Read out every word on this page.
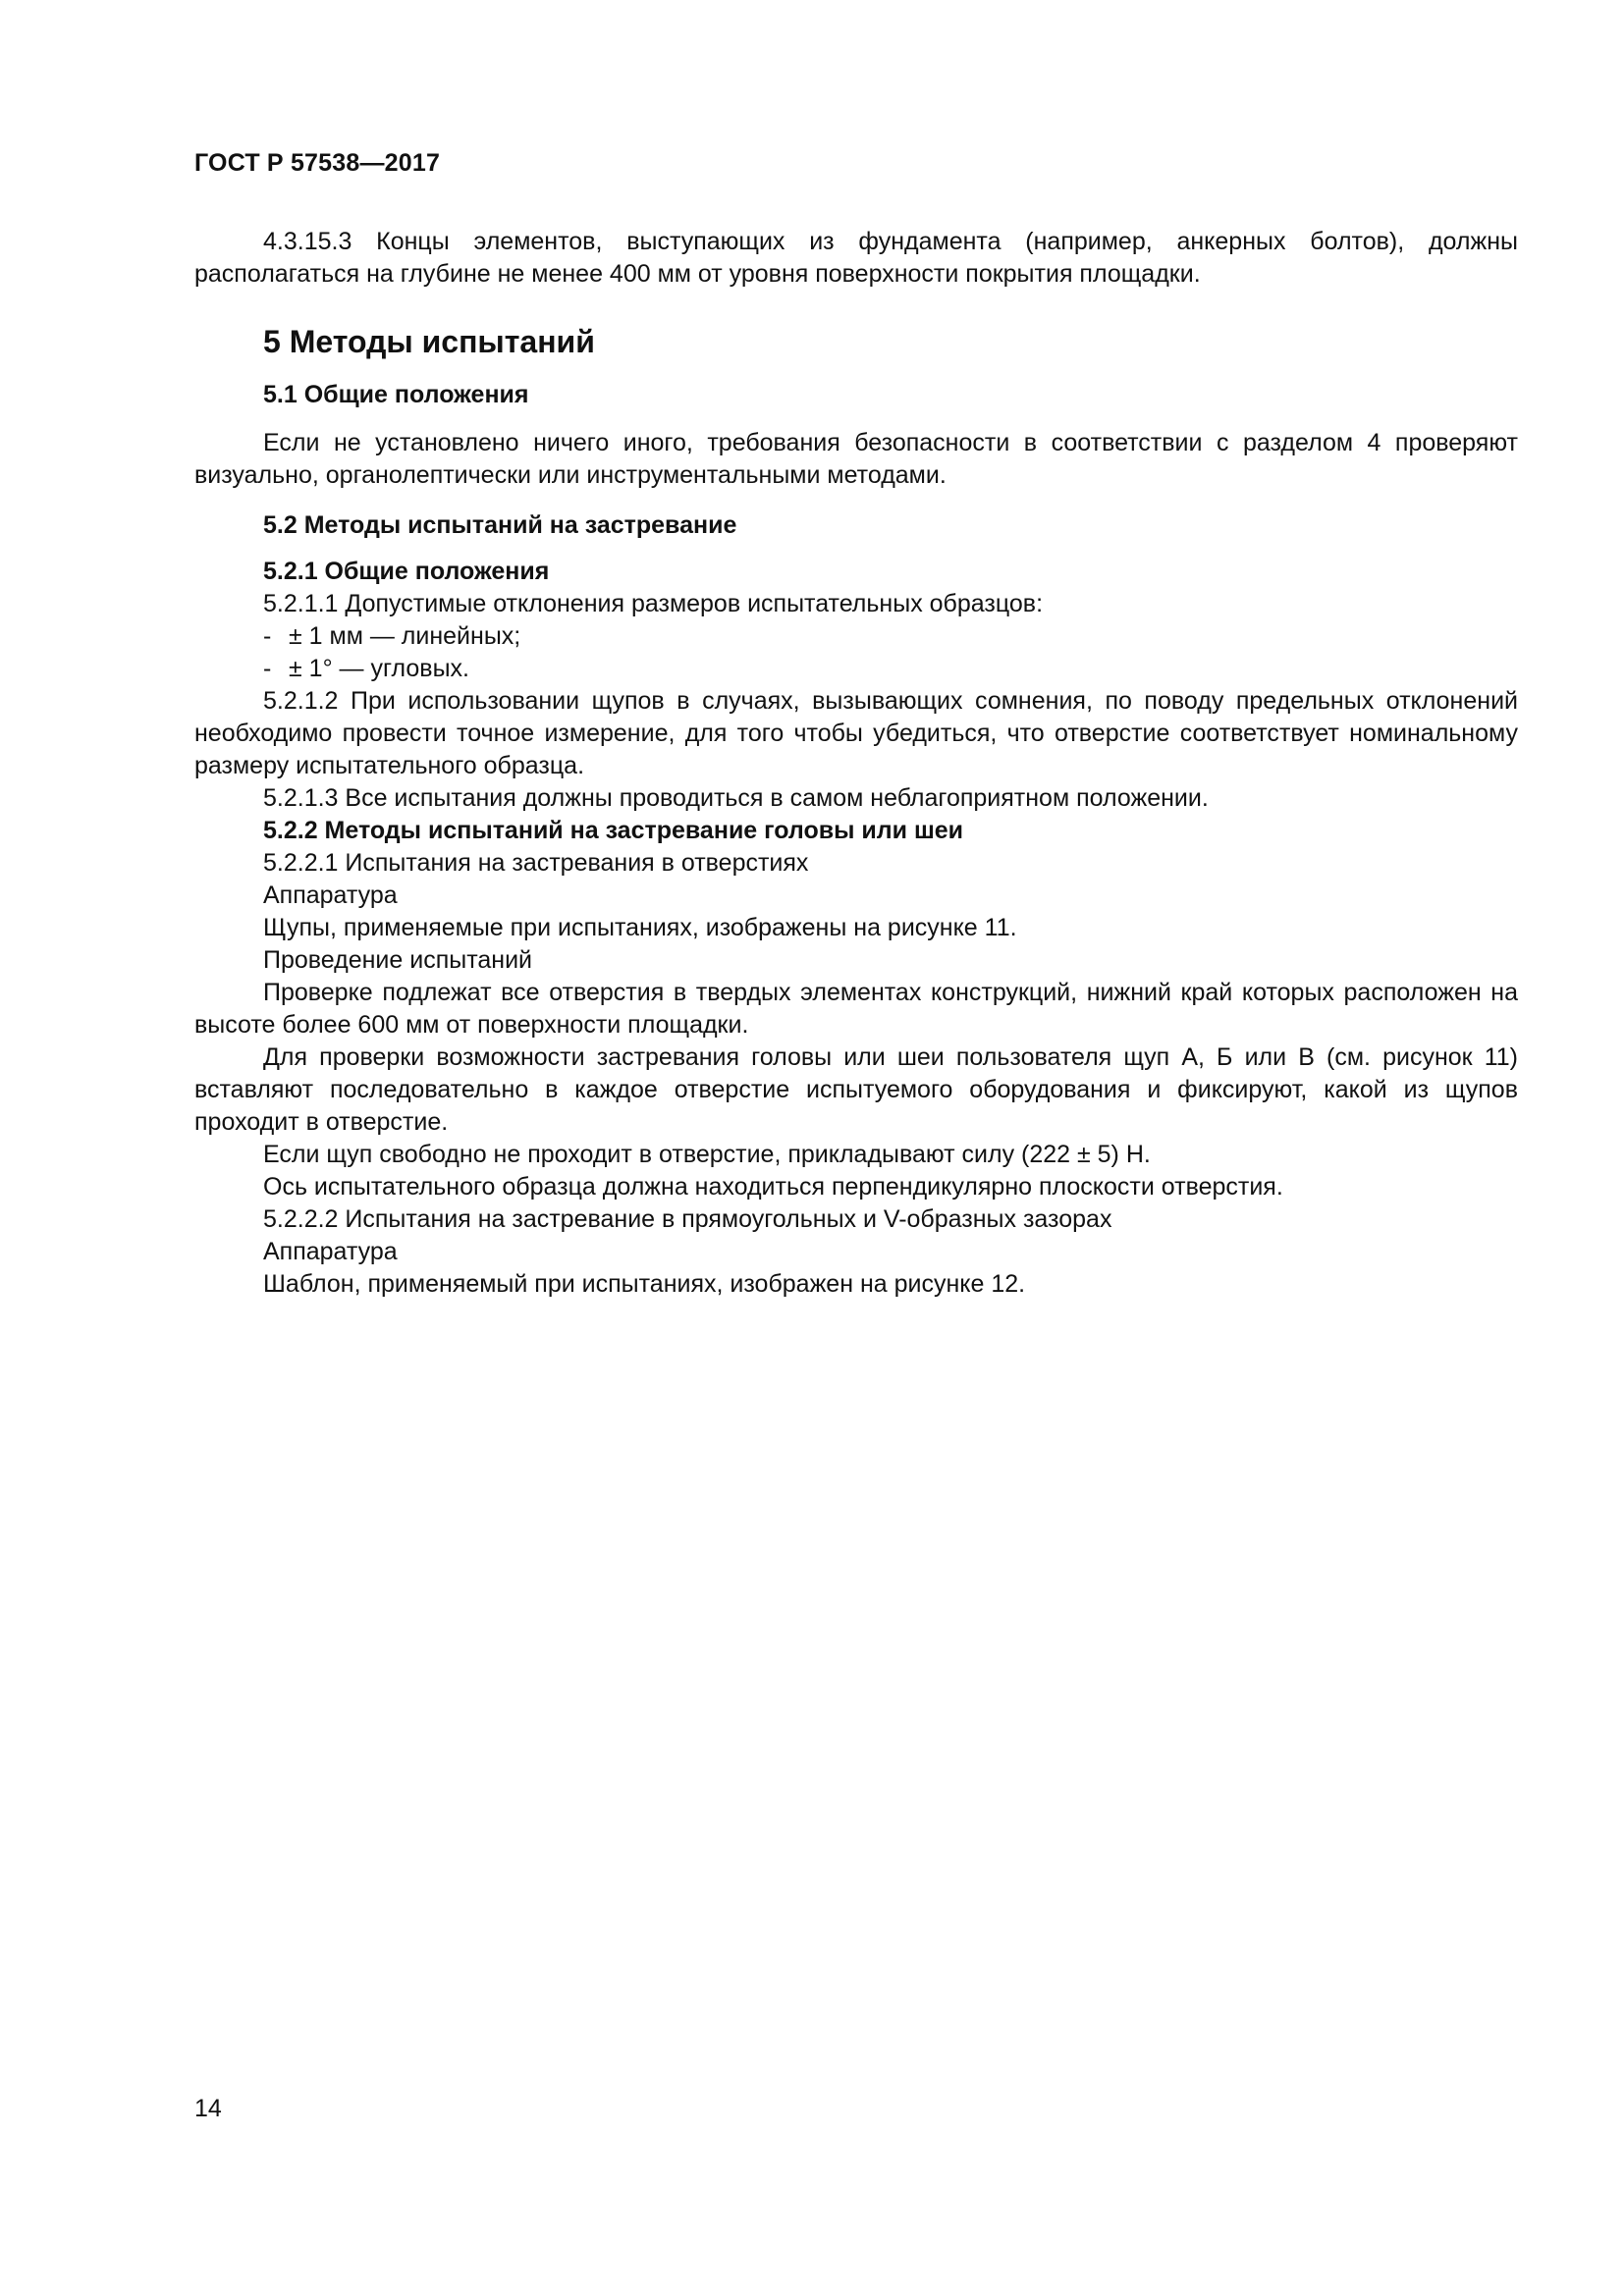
ГОСТ Р 57538—2017

4.3.15.3 Концы элементов, выступающих из фундамента (например, анкерных болтов), должны располагаться на глубине не менее 400 мм от уровня поверхности покрытия площадки.

5 Методы испытаний

5.1 Общие положения

Если не установлено ничего иного, требования безопасности в соответствии с разделом 4 проверяют визуально, органолептически или инструментальными методами.

5.2 Методы испытаний на застревание

5.2.1 Общие положения

5.2.1.1 Допустимые отклонения размеров испытательных образцов:

- ± 1 мм — линейных;

- ± 1° — угловых.

5.2.1.2 При использовании щупов в случаях, вызывающих сомнения, по поводу предельных отклонений необходимо провести точное измерение, для того чтобы убедиться, что отверстие соответствует номинальному размеру испытательного образца.

5.2.1.3 Все испытания должны проводиться в самом неблагоприятном положении.

5.2.2 Методы испытаний на застревание головы или шеи

5.2.2.1 Испытания на застревания в отверстиях

Аппаратура

Щупы, применяемые при испытаниях, изображены на рисунке 11.

Проведение испытаний

Проверке подлежат все отверстия в твердых элементах конструкций, нижний край которых расположен на высоте более 600 мм от поверхности площадки.

Для проверки возможности застревания головы или шеи пользователя щуп А, Б или В (см. рисунок 11) вставляют последовательно в каждое отверстие испытуемого оборудования и фиксируют, какой из щупов проходит в отверстие.

Если щуп свободно не проходит в отверстие, прикладывают силу (222 ± 5) Н.

Ось испытательного образца должна находиться перпендикулярно плоскости отверстия.

5.2.2.2 Испытания на застревание в прямоугольных и V-образных зазорах

Аппаратура

Шаблон, применяемый при испытаниях, изображен на рисунке 12.

14
